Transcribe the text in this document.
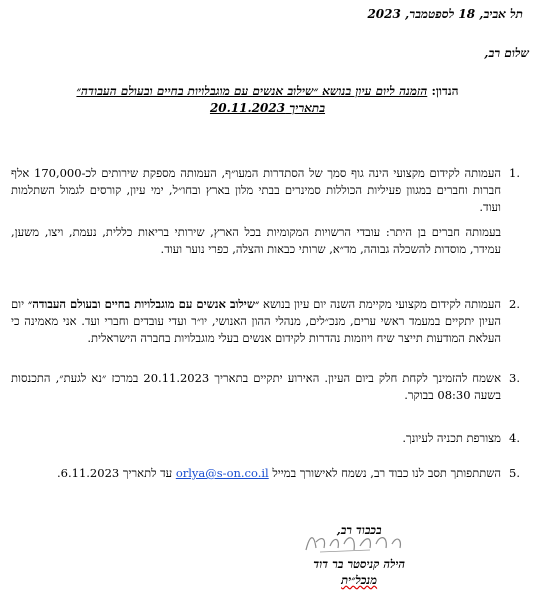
תל אביב, 18 לספטמבר, 2023
שלום רב,
הנדון: הזמנה ליום עיון בנושא ״שילוב אנשים עם מוגבלויות בחיים ובעולם העבודה״
בתאריך 20.11.2023
1.

העמותה לקידום מקצועי הינה גוף סמך של הסתדרות המעו״ף, העמותה מספקת שירותים לכ-170,000 אלף חברות וחברים במגוון פעיליות הכוללות סמינרים בבתי מלון בארץ ובחו״ל, ימי עיון, קורסים לגמול השתלמות ועוד.

בעמותה חברים בן היתר: עובדי הרשויות המקומיות בכל הארץ, שירותי בריאות כללית, נעמת, ויצו, משען, עמידר, מוסדות להשכלה גבוהה, מד״א, שרותי כבאות והצלה, כפרי נוער ועוד.

2.

העמותה לקידום מקצועי מקיימת השנה יום עיון בנושא ״שילוב אנשים עם מוגבלויות בחיים ובעולם העבודה״ יום העיון יתקיים במעמד ראשי ערים, מנכ״לים, מנהלי ההון האנושי, יו״ר ועדי עובדים וחברי ועד. אני מאמינה כי העלאת המודעות תייצר שיח ויוזמות נהדרות לקידום אנשים בעלי מוגבלויות בחברה הישראלית.

3.

אשמח להזמינך לקחת חלק ביום העיון. האירוע יתקיים בתאריך 20.11.2023 במרכז ״נא לגעת״, התכנסות בשעה 08:30 בבוקר.

4.

מצורפת תכניה לעיונך.

5.

השתתפותך תסב לנו כבוד רב, נשמח לאישורך במייל orlya@s-on.co.il עד לתאריך 6.11.2023.

בכבוד רב,
הילה קניסטר בר דוד
מנכל״ית
